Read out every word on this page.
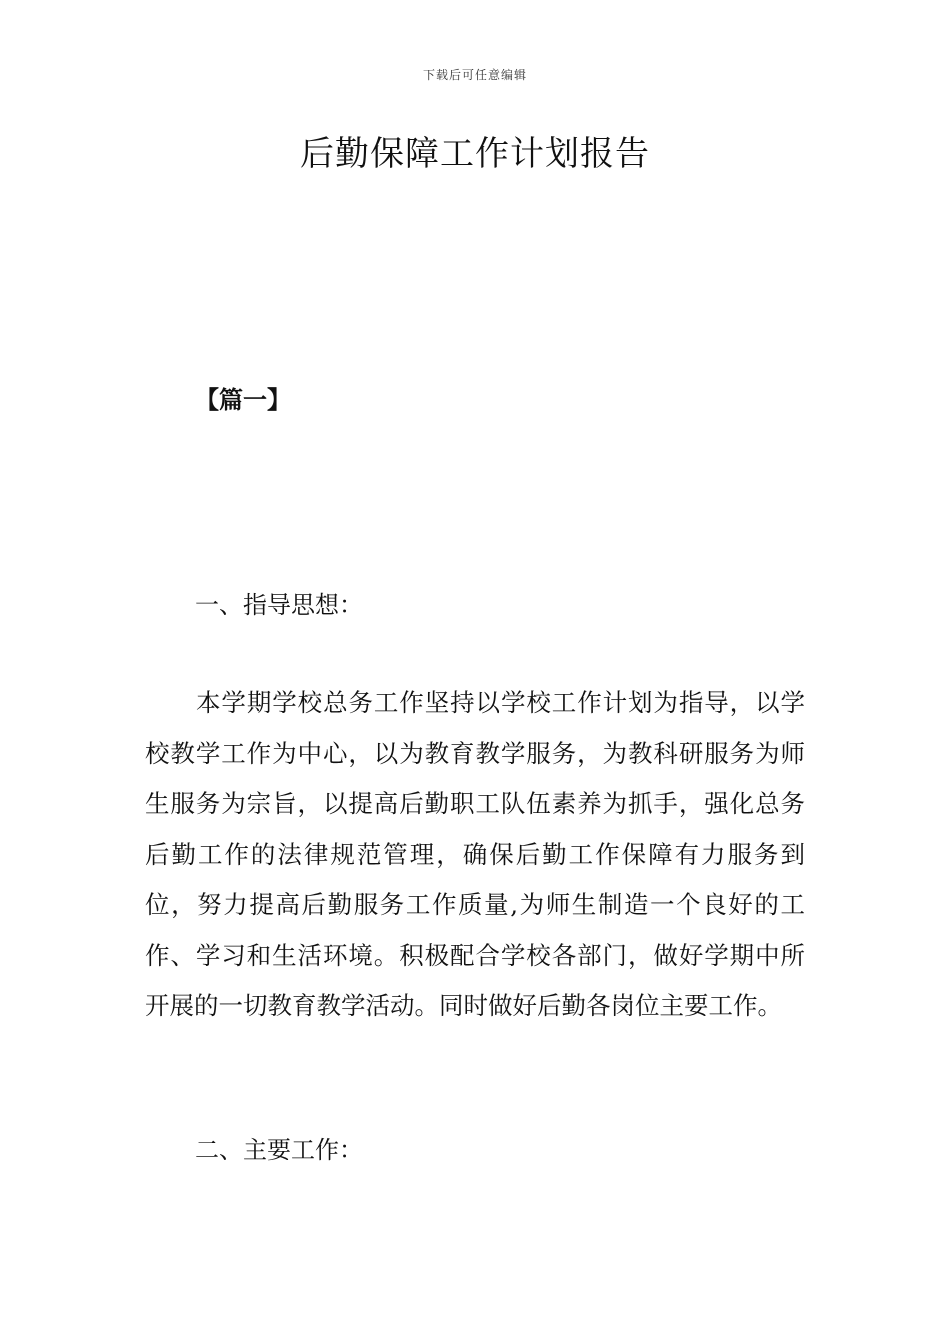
下载后可任意编辑
后勤保障工作计划报告
【篇一】
一、指导思想：

本学期学校总务工作坚持以学校工作计划为指导，以学校教学工作为中心，以为教育教学服务，为教科研服务为师生服务为宗旨，以提高后勤职工队伍素养为抓手，强化总务后勤工作的法律规范管理，确保后勤工作保障有力服务到位，努力提高后勤服务工作质量,为师生制造一个良好的工作、学习和生活环境。积极配合学校各部门，做好学期中所开展的一切教育教学活动。同时做好后勤各岗位主要工作。

二、主要工作：
